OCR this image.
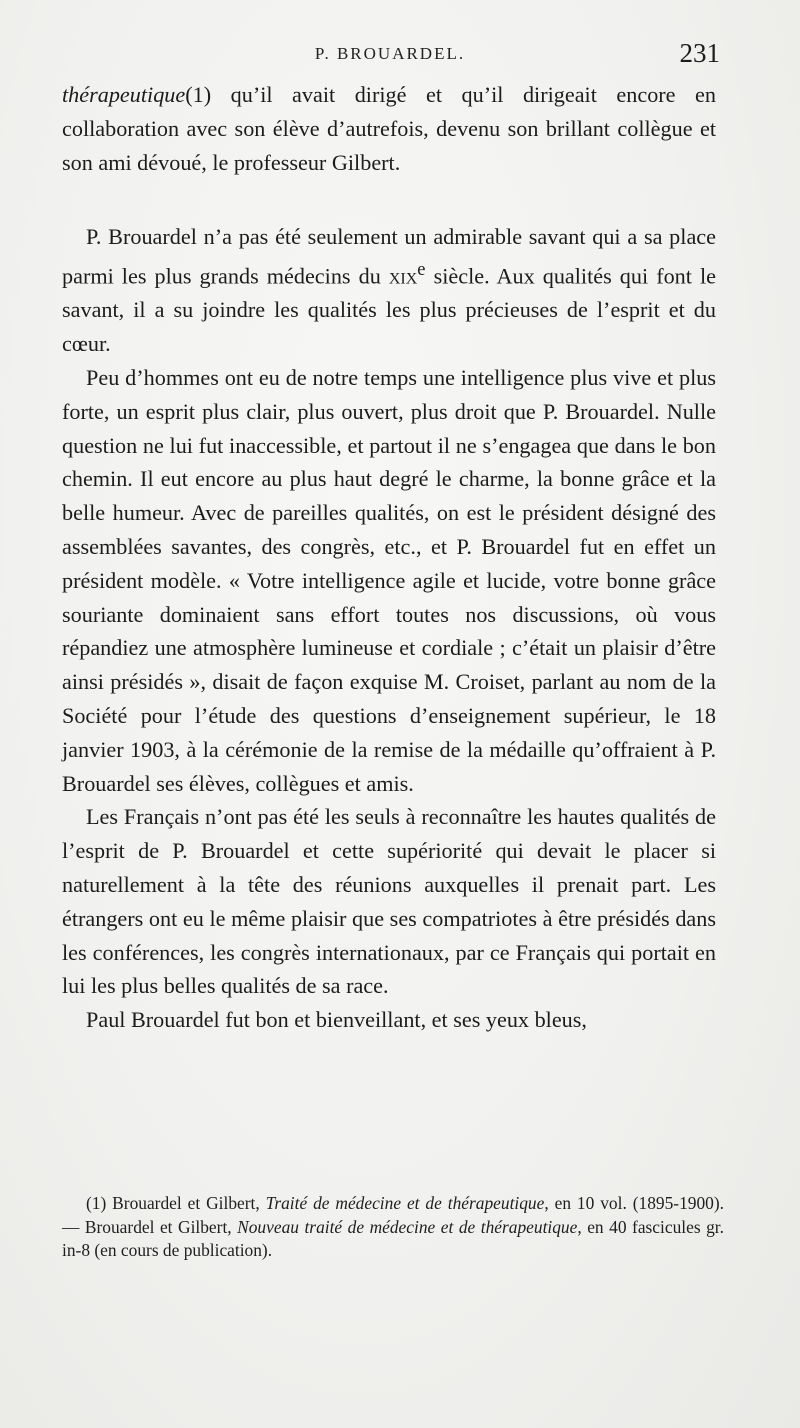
P. BROUARDEL.	231

thérapeutique(1) qu’il avait dirigé et qu’il dirigeait encore en collaboration avec son élève d’autrefois, devenu son brillant collègue et son ami dévoué, le professeur Gilbert.

P. Brouardel n’a pas été seulement un admirable savant qui a sa place parmi les plus grands médecins du xix$^e$ siècle. Aux qualités qui font le savant, il a su joindre les qualités les plus précieuses de l’esprit et du cœur.

Peu d’hommes ont eu de notre temps une intelligence plus vive et plus forte, un esprit plus clair, plus ouvert, plus droit que P. Brouardel. Nulle question ne lui fut inaccessible, et partout il ne s’engagea que dans le bon chemin. Il eut encore au plus haut degré le charme, la bonne grâce et la belle humeur. Avec de pareilles qualités, on est le président désigné des assemblées savantes, des congrès, etc., et P. Brouardel fut en effet un président modèle. « Votre intelligence agile et lucide, votre bonne grâce souriante dominaient sans effort toutes nos discussions, où vous répandiez une atmosphère lumineuse et cordiale ; c’était un plaisir d’être ainsi présidés », disait de façon exquise M. Croiset, parlant au nom de la Société pour l’étude des questions d’enseignement supérieur, le 18 janvier 1903, à la cérémonie de la remise de la médaille qu’offraient à P. Brouardel ses élèves, collègues et amis.

Les Français n’ont pas été les seuls à reconnaître les hautes qualités de l’esprit de P. Brouardel et cette supériorité qui devait le placer si naturellement à la tête des réunions auxquelles il prenait part. Les étrangers ont eu le même plaisir que ses compatriotes à être présidés dans les conférences, les congrès internationaux, par ce Français qui portait en lui les plus belles qualités de sa race.

Paul Brouardel fut bon et bienveillant, et ses yeux bleus,

(1) Brouardel et Gilbert, Traité de médecine et de thérapeutique, en 10 vol. (1895-1900). — Brouardel et Gilbert, Nouveau traité de médecine et de thérapeutique, en 40 fascicules gr. in-8 (en cours de publication).
